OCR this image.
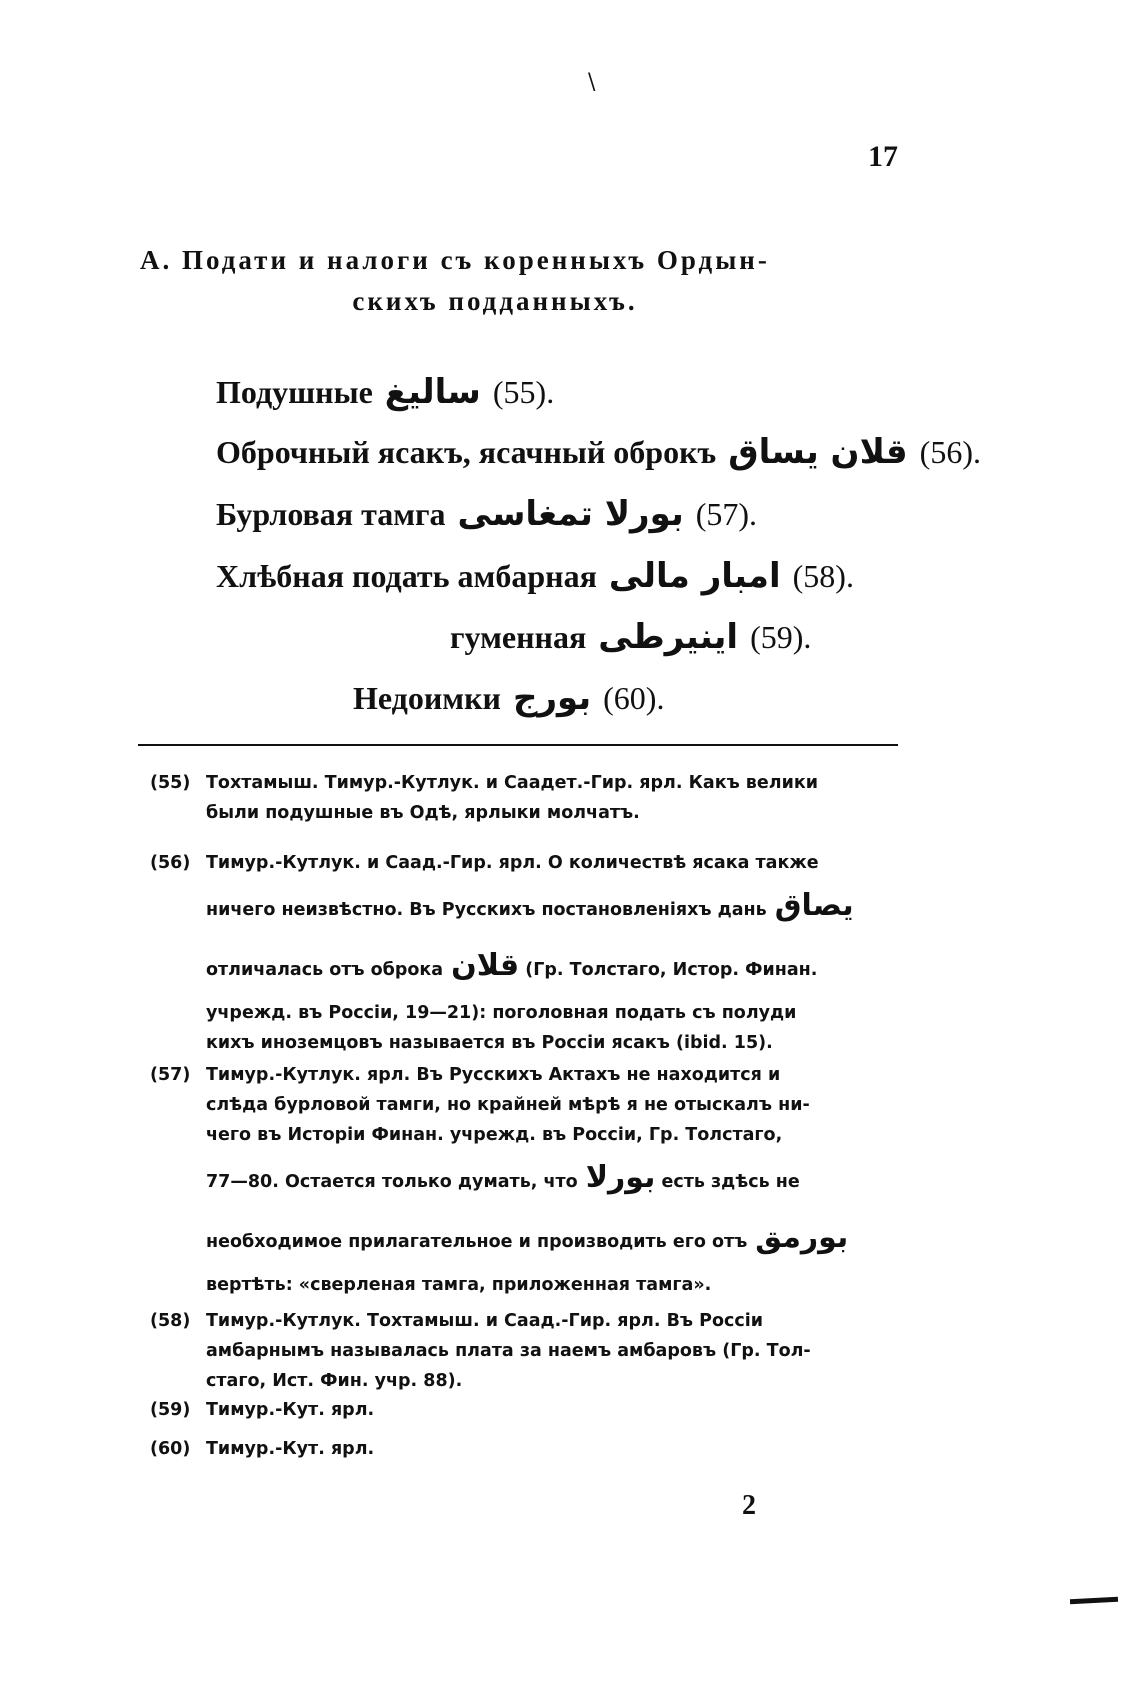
\
17
А. Подати и налоги съ коренныхъ Ордын-
скихъ подданныхъ.
Подушные سالیغ (55).
Оброчный ясакъ, ясачный оброкъ قلان یساق (56).
Бурловая тамга بورلا تمغاسی (57).
Хлѣбная подать амбарная امبار مالی (58).
гуменная اینیرطی (59).
Недоимки بورج (60).
(55) Тохтамыш. Тимур.-Кутлук. и Саадет.-Гир. ярл. Какъ велики
были подушные въ Одѣ, ярлыки молчатъ.
(56) Тимур.-Кутлук. и Саад.-Гир. ярл. О количествѣ ясака также
ничего неизвѣстно. Въ Русскихъ постановленіяхъ дань یصاق
отличалась отъ оброка قلان (Гр. Толстаго, Истор. Финан.
учрежд. въ Россіи, 19—21): поголовная подать съ полуди
кихъ иноземцовъ называется въ Россіи ясакъ (ibid. 15).
(57) Тимур.-Кутлук. ярл. Въ Русскихъ Актахъ не находится и
слѣда бурловой тамги, но крайней мѣрѣ я не отыскалъ ни-
чего въ Исторіи Финан. учрежд. въ Россіи, Гр. Толстаго,
77—80. Остается только думать, что بورلا есть здѣсь не
необходимое прилагательное и производить его отъ بورمق
вертѣть: «сверленая тамга, приложенная тамга».
(58) Тимур.-Кутлук. Тохтамыш. и Саад.-Гир. ярл. Въ Россіи
амбарнымъ называлась плата за наемъ амбаровъ (Гр. Тол-
стаго, Ист. Фин. учр. 88).
(59) Тимур.-Кут. ярл.
(60) Тимур.-Кут. ярл.
2
